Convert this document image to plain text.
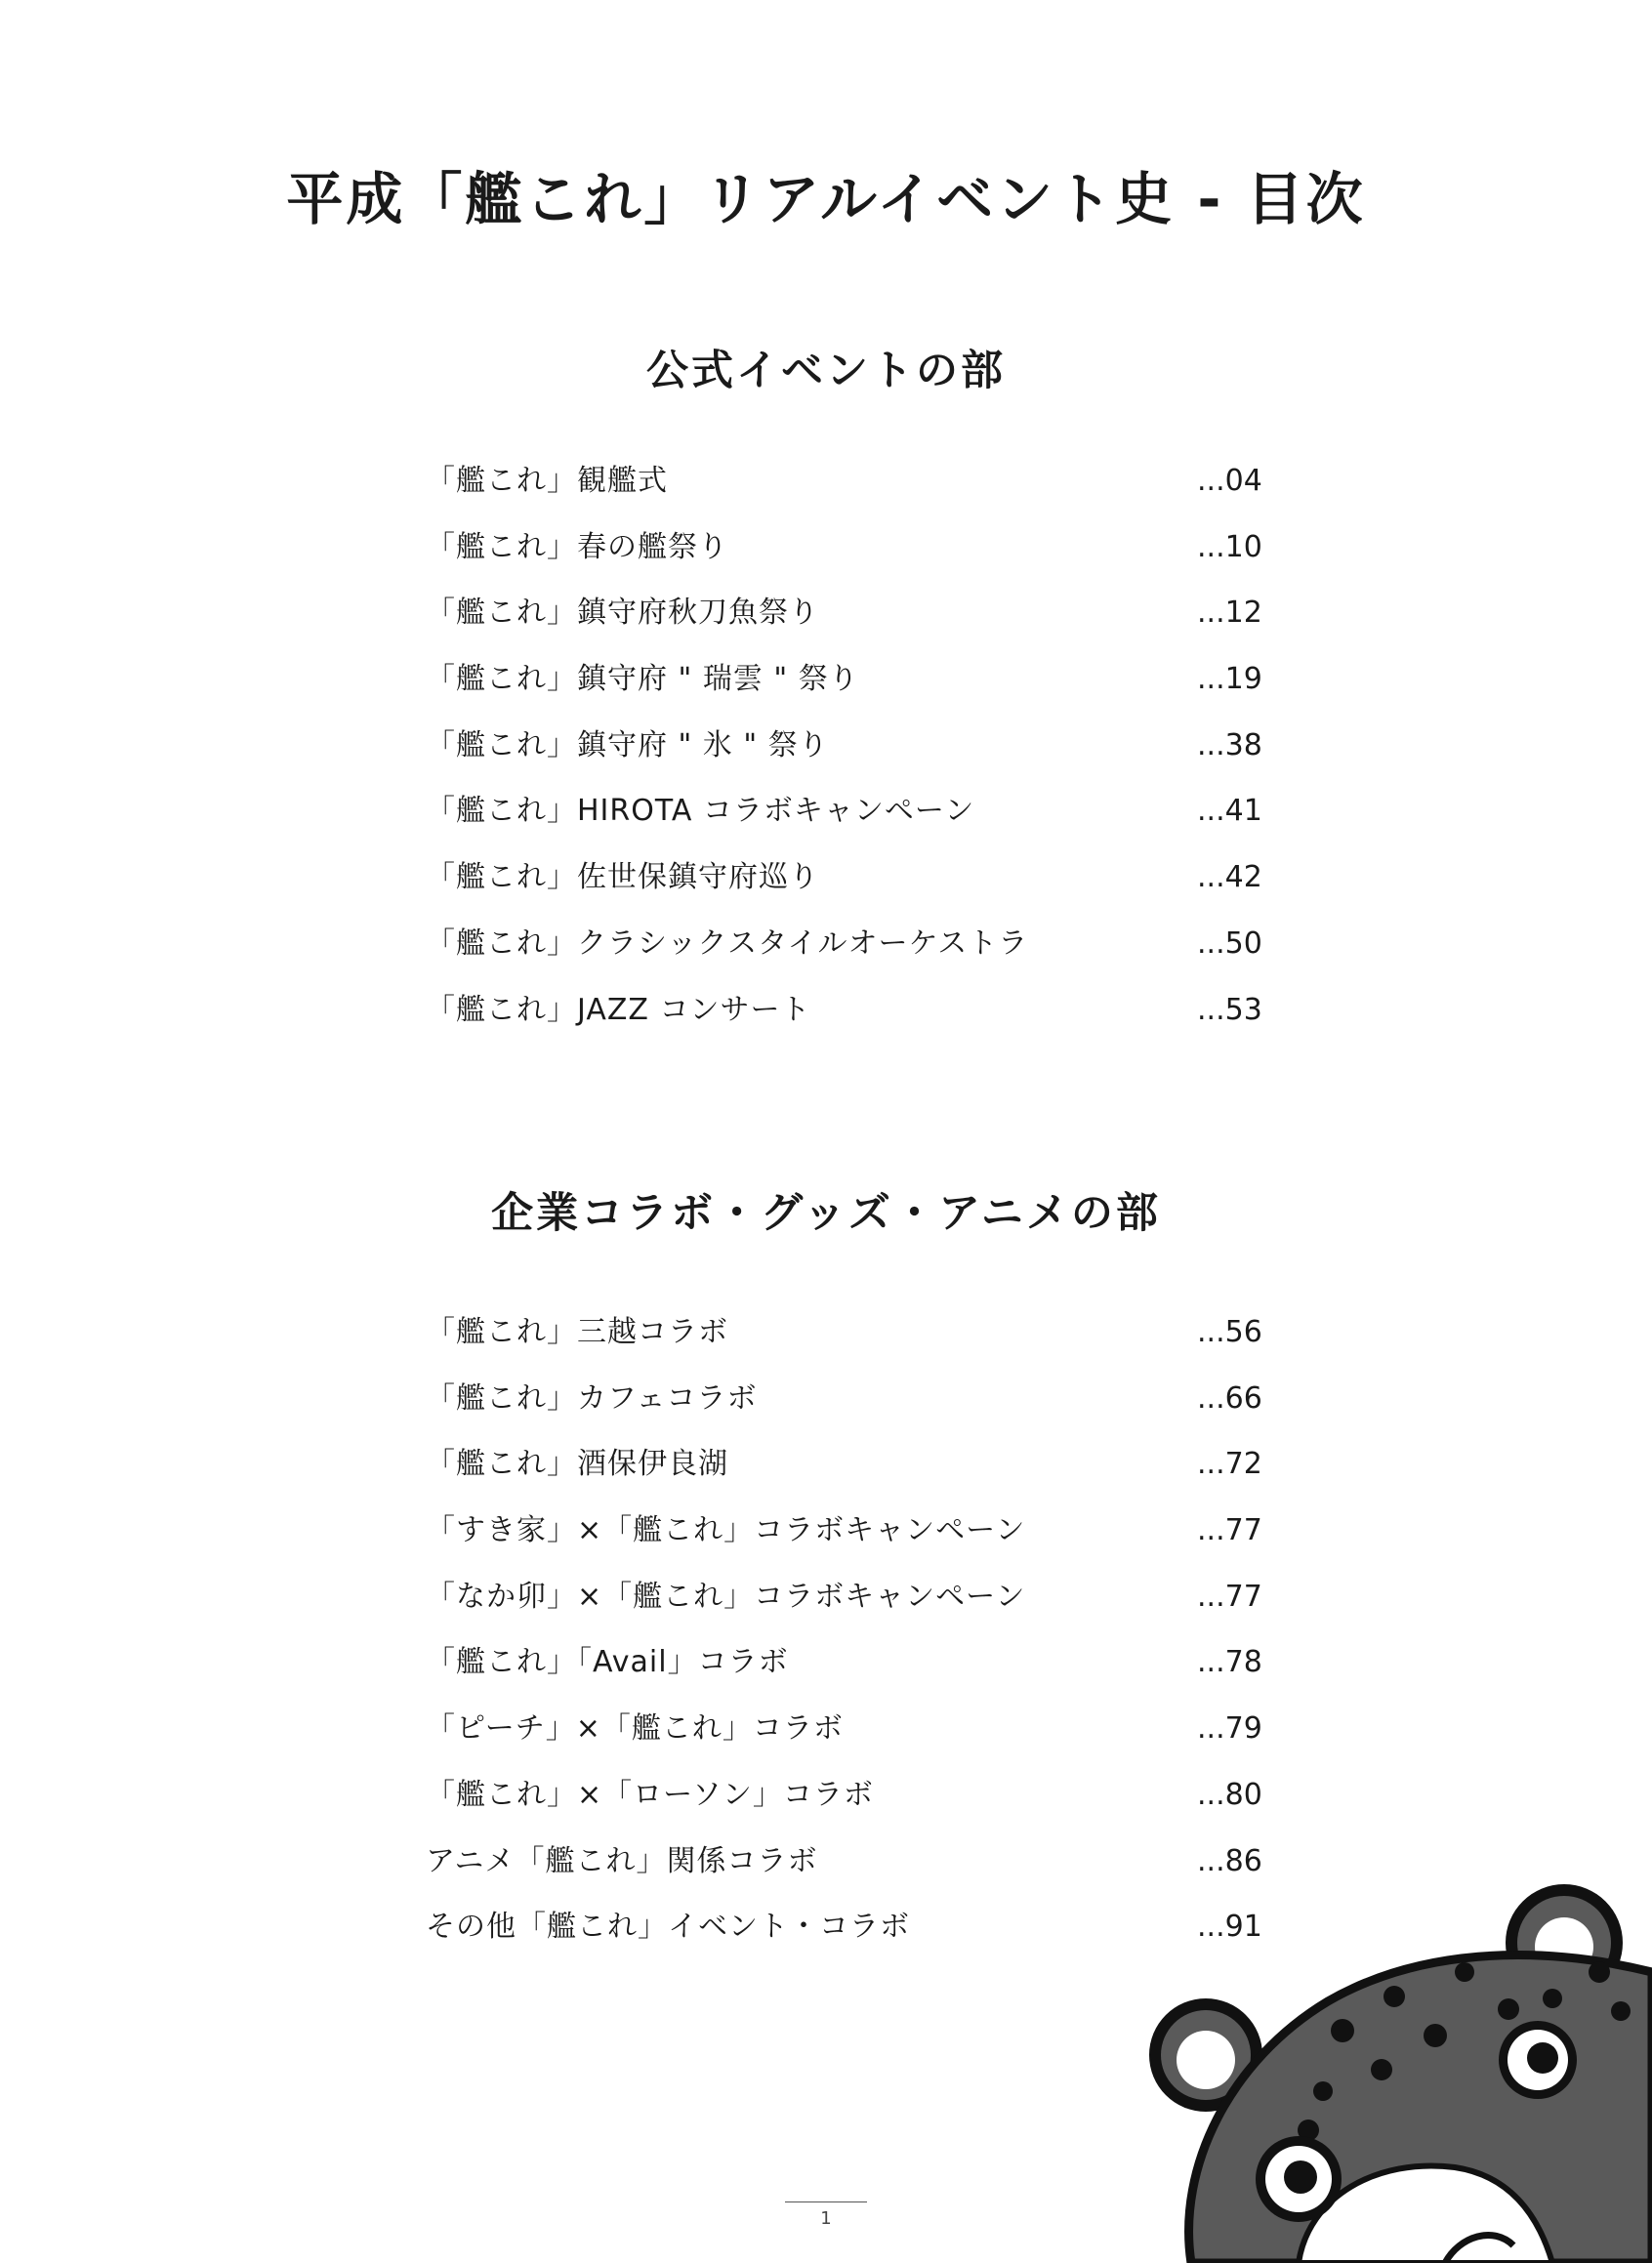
平成「艦これ」リアルイベント史 - 目次
公式イベントの部
「艦これ」観艦式	...04
「艦これ」春の艦祭り	...10
「艦これ」鎮守府秋刀魚祭り	...12
「艦これ」鎮守府 " 瑞雲 " 祭り	...19
「艦これ」鎮守府 " 氷 " 祭り	...38
「艦これ」HIROTA コラボキャンペーン	...41
「艦これ」佐世保鎮守府巡り	...42
「艦これ」クラシックスタイルオーケストラ	...50
「艦これ」JAZZ コンサート	...53
企業コラボ・グッズ・アニメの部
「艦これ」三越コラボ	...56
「艦これ」カフェコラボ	...66
「艦これ」酒保伊良湖	...72
「すき家」×「艦これ」コラボキャンペーン	...77
「なか卯」×「艦これ」コラボキャンペーン	...77
「艦これ」「Avail」コラボ	...78
「ピーチ」×「艦これ」コラボ	...79
「艦これ」×「ローソン」コラボ	...80
アニメ「艦これ」関係コラボ	...86
その他「艦これ」イベント・コラボ	...91
1
